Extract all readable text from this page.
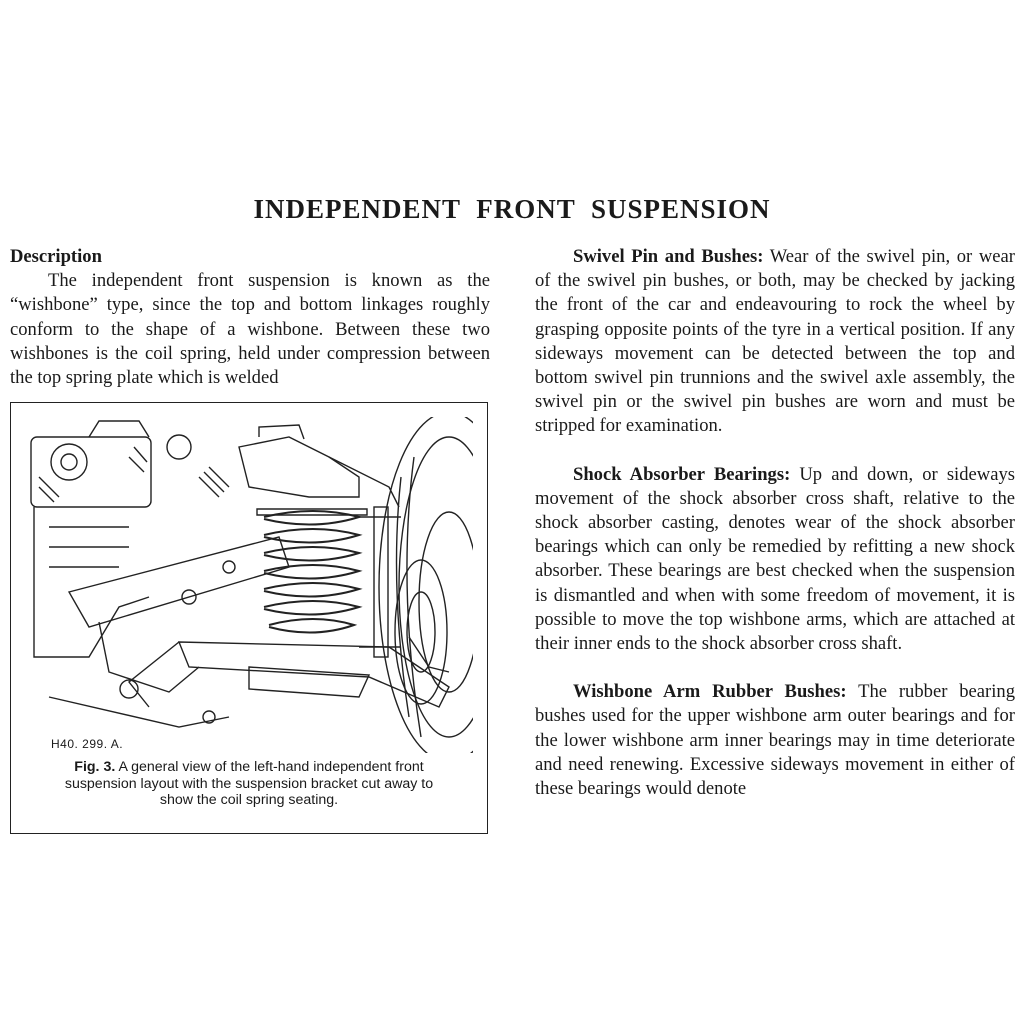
INDEPENDENT FRONT SUSPENSION

Description

The independent front suspension is known as the “wishbone” type, since the top and bottom linkages roughly conform to the shape of a wishbone. Between these two wishbones is the coil spring, held under compression between the top spring plate which is welded

H40. 299. A.
Fig. 3. A general view of the left-hand independent front suspension layout with the suspension bracket cut away to show the coil spring seating.

Swivel Pin and Bushes: Wear of the swivel pin, or wear of the swivel pin bushes, or both, may be checked by jacking the front of the car and endeavouring to rock the wheel by grasping opposite points of the tyre in a vertical position. If any sideways movement can be detected between the top and bottom swivel pin trunnions and the swivel axle assembly, the swivel pin or the swivel pin bushes are worn and must be stripped for examination.

Shock Absorber Bearings: Up and down, or sideways movement of the shock absorber cross shaft, relative to the shock absorber casting, denotes wear of the shock absorber bearings which can only be remedied by refitting a new shock absorber. These bearings are best checked when the suspension is dismantled and when with some freedom of movement, it is possible to move the top wishbone arms, which are attached at their inner ends to the shock absorber cross shaft.

Wishbone Arm Rubber Bushes: The rubber bearing bushes used for the upper wishbone arm outer bearings and for the lower wishbone arm inner bearings may in time deteriorate and need renewing. Excessive sideways movement in either of these bearings would denote
